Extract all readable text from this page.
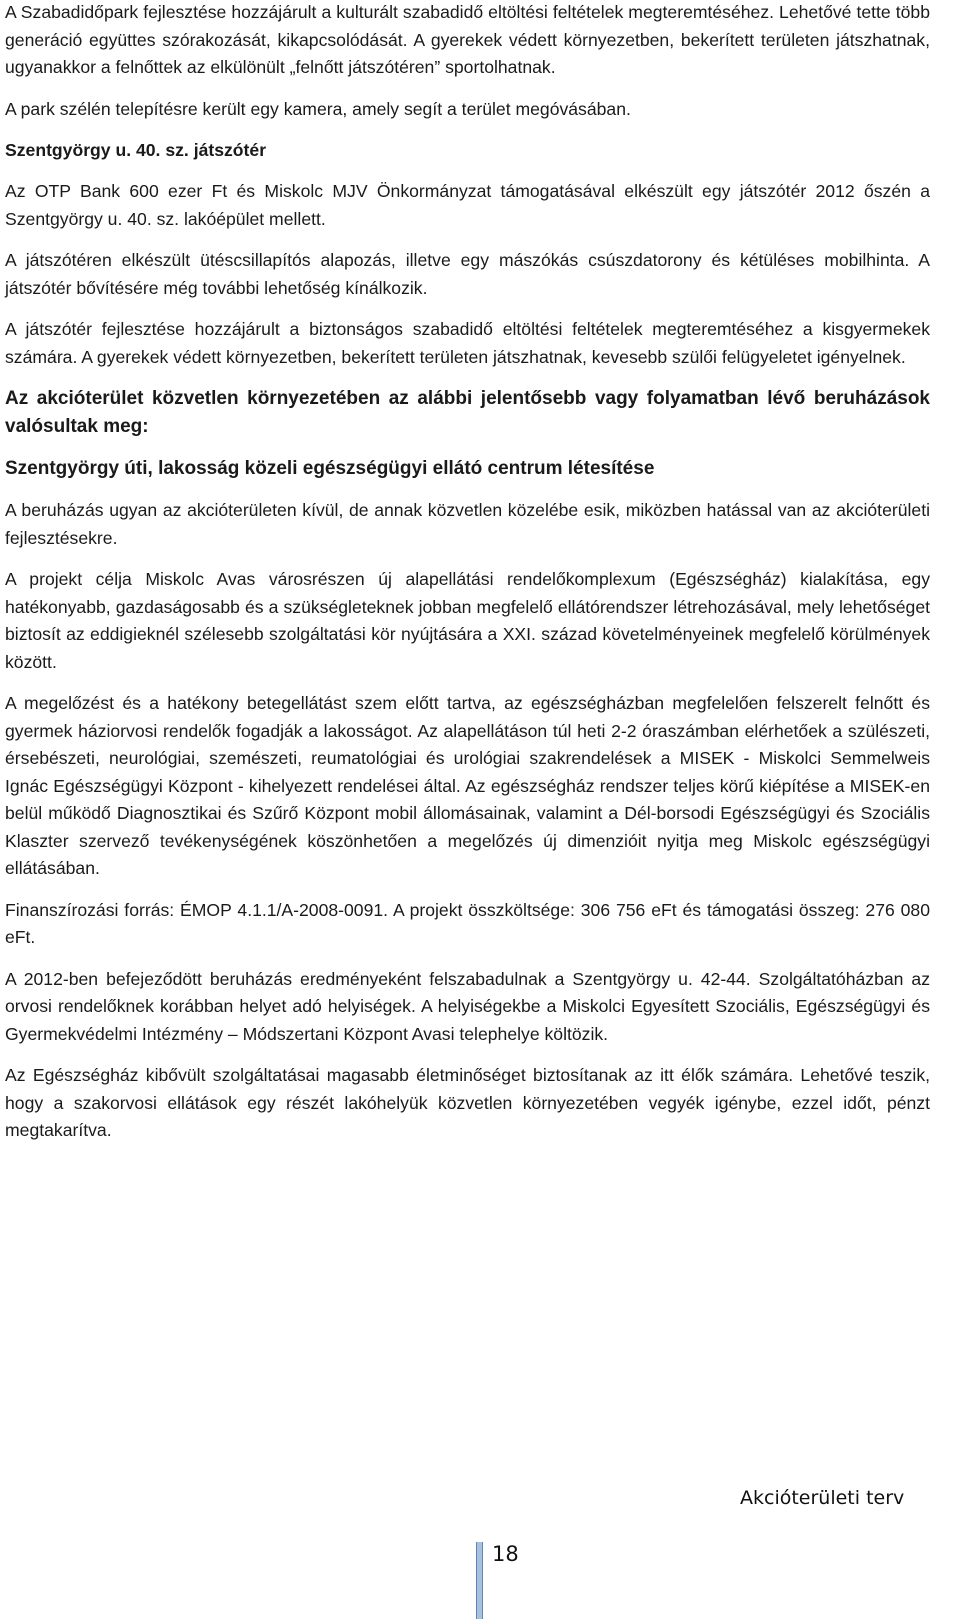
A Szabadidőpark fejlesztése hozzájárult a kulturált szabadidő eltöltési feltételek megteremtéséhez. Lehetővé tette több generáció együttes szórakozását, kikapcsolódását. A gyerekek védett környezetben, bekerített területen játszhatnak, ugyanakkor a felnőttek az elkülönült „felnőtt játszótéren” sportolhatnak.

A park szélén telepítésre került egy kamera, amely segít a terület megóvásában.

Szentgyörgy u. 40. sz. játszótér

Az OTP Bank 600 ezer Ft és Miskolc MJV Önkormányzat támogatásával elkészült egy játszótér 2012 őszén a Szentgyörgy u. 40. sz. lakóépület mellett.

A játszótéren elkészült ütéscsillapítós alapozás, illetve egy mászókás csúszdatorony és kétüléses mobilhinta. A játszótér bővítésére még további lehetőség kínálkozik.

A játszótér fejlesztése hozzájárult a biztonságos szabadidő eltöltési feltételek megteremtéséhez a kisgyermekek számára. A gyerekek védett környezetben, bekerített területen játszhatnak, kevesebb szülői felügyeletet igényelnek.

Az akcióterület közvetlen környezetében az alábbi jelentősebb vagy folyamatban lévő beruházások valósultak meg:

Szentgyörgy úti, lakosság közeli egészségügyi ellátó centrum létesítése

A beruházás ugyan az akcióterületen kívül, de annak közvetlen közelébe esik, miközben hatással van az akcióterületi fejlesztésekre.

A projekt célja Miskolc Avas városrészen új alapellátási rendelőkomplexum (Egészségház) kialakítása, egy hatékonyabb, gazdaságosabb és a szükségleteknek jobban megfelelő ellátórendszer létrehozásával, mely lehetőséget biztosít az eddigieknél szélesebb szolgáltatási kör nyújtására a XXI. század követelményeinek megfelelő körülmények között.

A megelőzést és a hatékony betegellátást szem előtt tartva, az egészségházban megfelelően felszerelt felnőtt és gyermek háziorvosi rendelők fogadják a lakosságot. Az alapellátáson túl heti 2-2 óraszámban elérhetőek a szülészeti, érsebészeti, neurológiai, szemészeti, reumatológiai és urológiai szakrendelések a MISEK - Miskolci Semmelweis Ignác Egészségügyi Központ - kihelyezett rendelései által. Az egészségház rendszer teljes körű kiépítése a MISEK-en belül működő Diagnosztikai és Szűrő Központ mobil állomásainak, valamint a Dél-borsodi Egészségügyi és Szociális Klaszter szervező tevékenységének köszönhetően a megelőzés új dimenzióit nyitja meg Miskolc egészségügyi ellátásában.

Finanszírozási forrás: ÉMOP 4.1.1/A-2008-0091. A projekt összköltsége: 306 756 eFt és támogatási összeg: 276 080 eFt.

A 2012-ben befejeződött beruházás eredményeként felszabadulnak a Szentgyörgy u. 42-44. Szolgáltatóházban az orvosi rendelőknek korábban helyet adó helyiségek. A helyiségekbe a Miskolci Egyesített Szociális, Egészségügyi és Gyermekvédelmi Intézmény – Módszertani Központ Avasi telephelye költözik.

Az Egészségház kibővült szolgáltatásai magasabb életminőséget biztosítanak az itt élők számára. Lehetővé teszik, hogy a szakorvosi ellátások egy részét lakóhelyük közvetlen környezetében vegyék igénybe, ezzel időt, pénzt megtakarítva.

Akcióterületi terv
18
